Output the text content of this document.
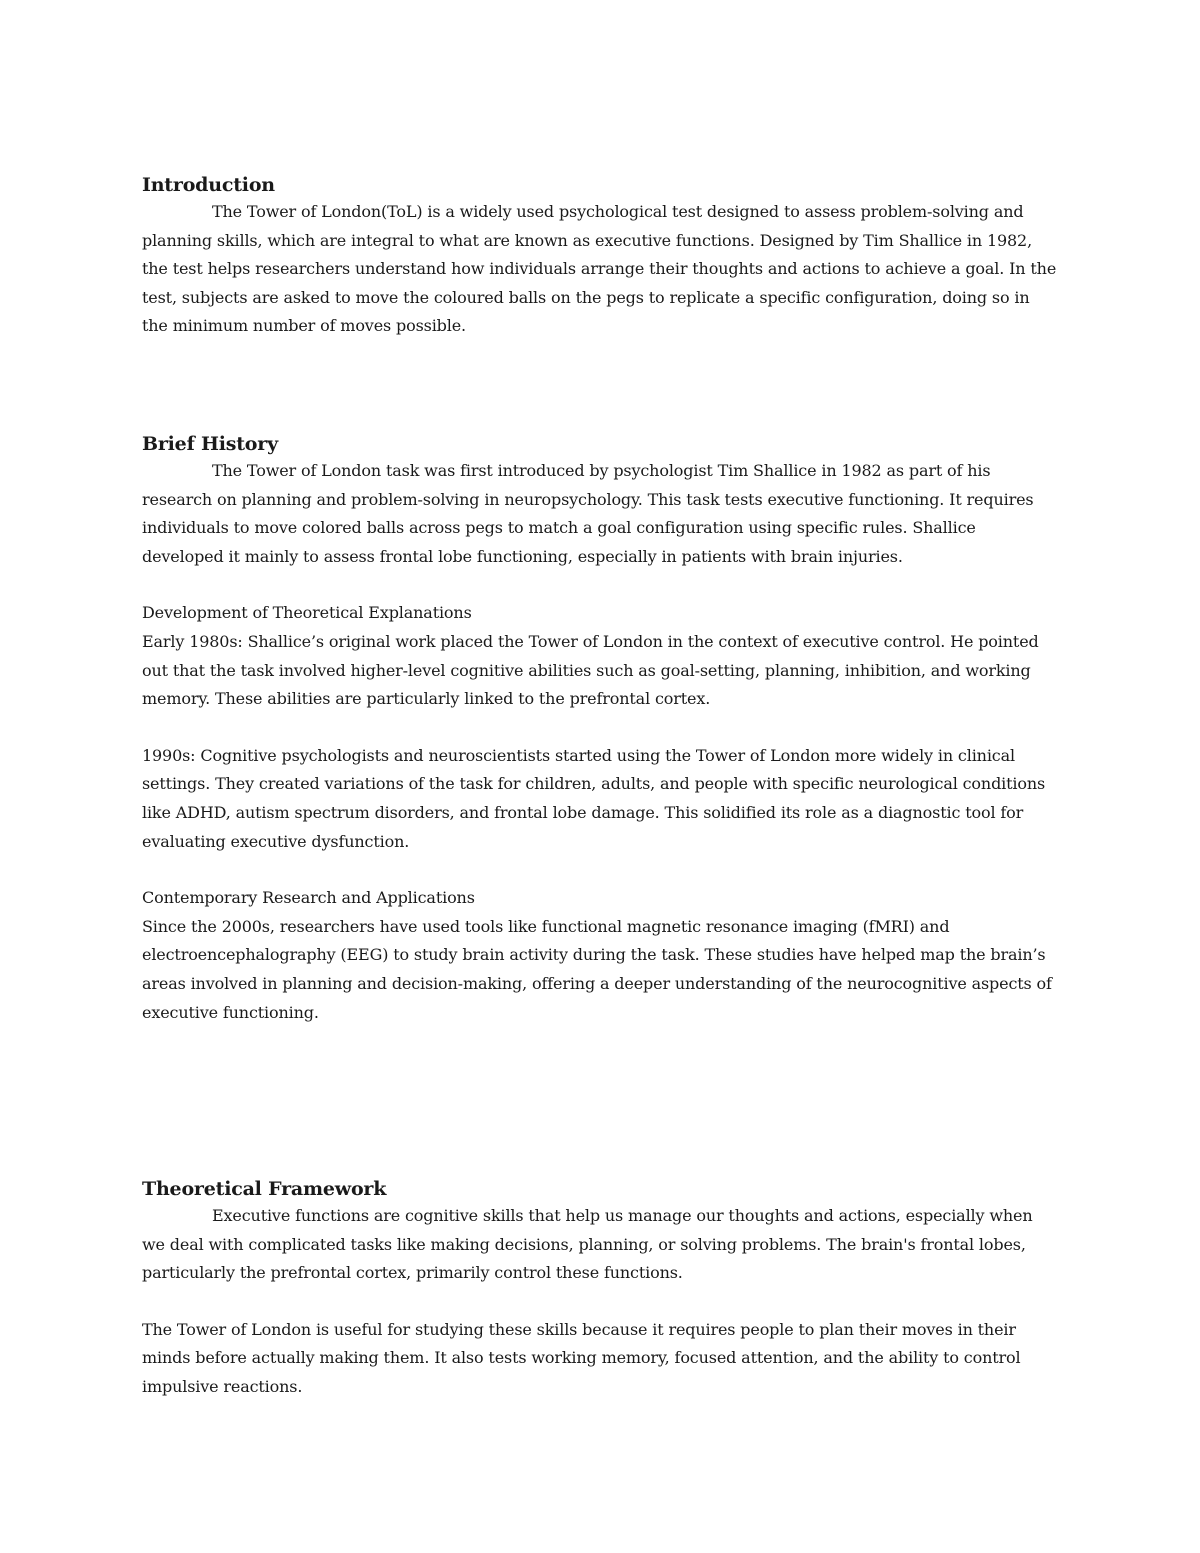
Introduction

The Tower of London(ToL) is a widely used psychological test designed to assess problem-solving and planning skills, which are integral to what are known as executive functions. Designed by Tim Shallice in 1982, the test helps researchers understand how individuals arrange their thoughts and actions to achieve a goal. In the test, subjects are asked to move the coloured balls on the pegs to replicate a specific configuration, doing so in the minimum number of moves possible.

Brief History

The Tower of London task was first introduced by psychologist Tim Shallice in 1982 as part of his research on planning and problem-solving in neuropsychology. This task tests executive functioning. It requires individuals to move colored balls across pegs to match a goal configuration using specific rules. Shallice developed it mainly to assess frontal lobe functioning, especially in patients with brain injuries.

Development of Theoretical Explanations

Early 1980s: Shallice’s original work placed the Tower of London in the context of executive control. He pointed out that the task involved higher-level cognitive abilities such as goal-setting, planning, inhibition, and working memory. These abilities are particularly linked to the prefrontal cortex.

1990s: Cognitive psychologists and neuroscientists started using the Tower of London more widely in clinical settings. They created variations of the task for children, adults, and people with specific neurological conditions like ADHD, autism spectrum disorders, and frontal lobe damage. This solidified its role as a diagnostic tool for evaluating executive dysfunction.

Contemporary Research and Applications

Since the 2000s, researchers have used tools like functional magnetic resonance imaging (fMRI) and electroencephalography (EEG) to study brain activity during the task. These studies have helped map the brain’s areas involved in planning and decision-making, offering a deeper understanding of the neurocognitive aspects of executive functioning.

Theoretical Framework

Executive functions are cognitive skills that help us manage our thoughts and actions, especially when we deal with complicated tasks like making decisions, planning, or solving problems. The brain's frontal lobes, particularly the prefrontal cortex, primarily control these functions.

The Tower of London is useful for studying these skills because it requires people to plan their moves in their minds before actually making them. It also tests working memory, focused attention, and the ability to control impulsive reactions.
